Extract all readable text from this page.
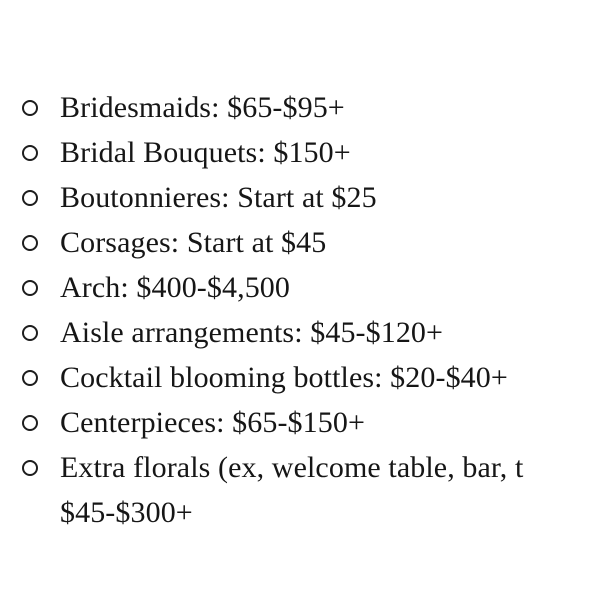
Bridesmaids: $65-$95+
Bridal Bouquets: $150+
Boutonnieres: Start at $25
Corsages: Start at $45
Arch: $400-$4,500
Aisle arrangements: $45-$120+
Cocktail blooming bottles: $20-$40+
Centerpieces: $65-$150+
Extra florals (ex, welcome table, bar, t
$45-$300+
